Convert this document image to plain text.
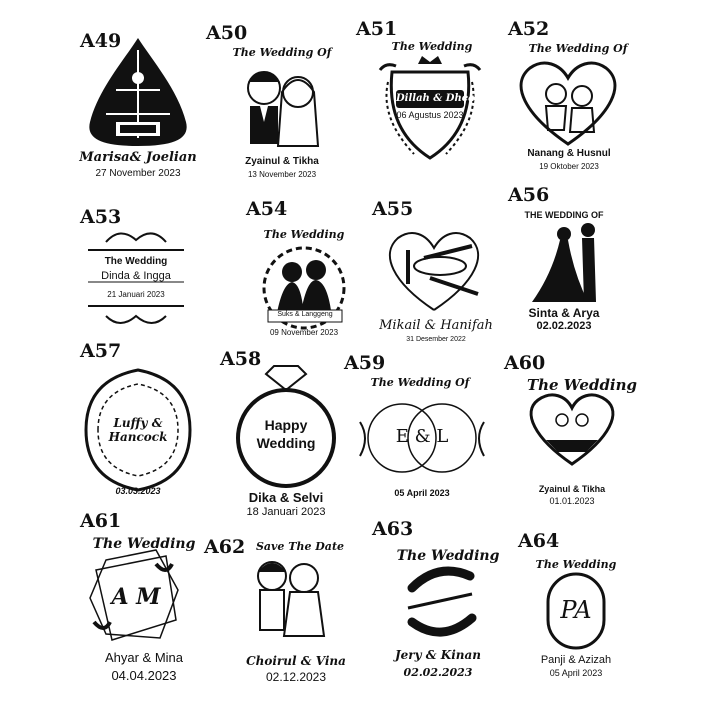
A49
Marisa& Joelian
27 November 2023
A50
The Wedding Of
Zyainul & Tikha
13 November 2023
A51
The Wedding
Dillah & Dhea
06 Agustus 2023
A52
The Wedding Of
Nanang & Husnul
19 Oktober 2023
A53
The Wedding
Dinda & Ingga
21 Januari 2023
A54
The Wedding
Suks & Langgeng
09 November 2023
A55
Mikail & Hanifah
31 Desember 2022
A56
THE WEDDING OF
Sinta & Arya
02.02.2023
A57
Luffy & Hancock
03.03.2023
A58
Happy Wedding
Dika & Selvi
18 Januari 2023
A59
The Wedding Of
E & L
05 April 2023
A60
The Wedding
Zyainul & Tikha
01.01.2023
A61
The Wedding
A M
Ahyar & Mina
04.04.2023
A62 Save The Date
Choirul & Vina
02.12.2023
A63
The Wedding
Jery & Kinan
02.02.2023
A64
The Wedding
PA
Panji & Azizah
05 April 2023
